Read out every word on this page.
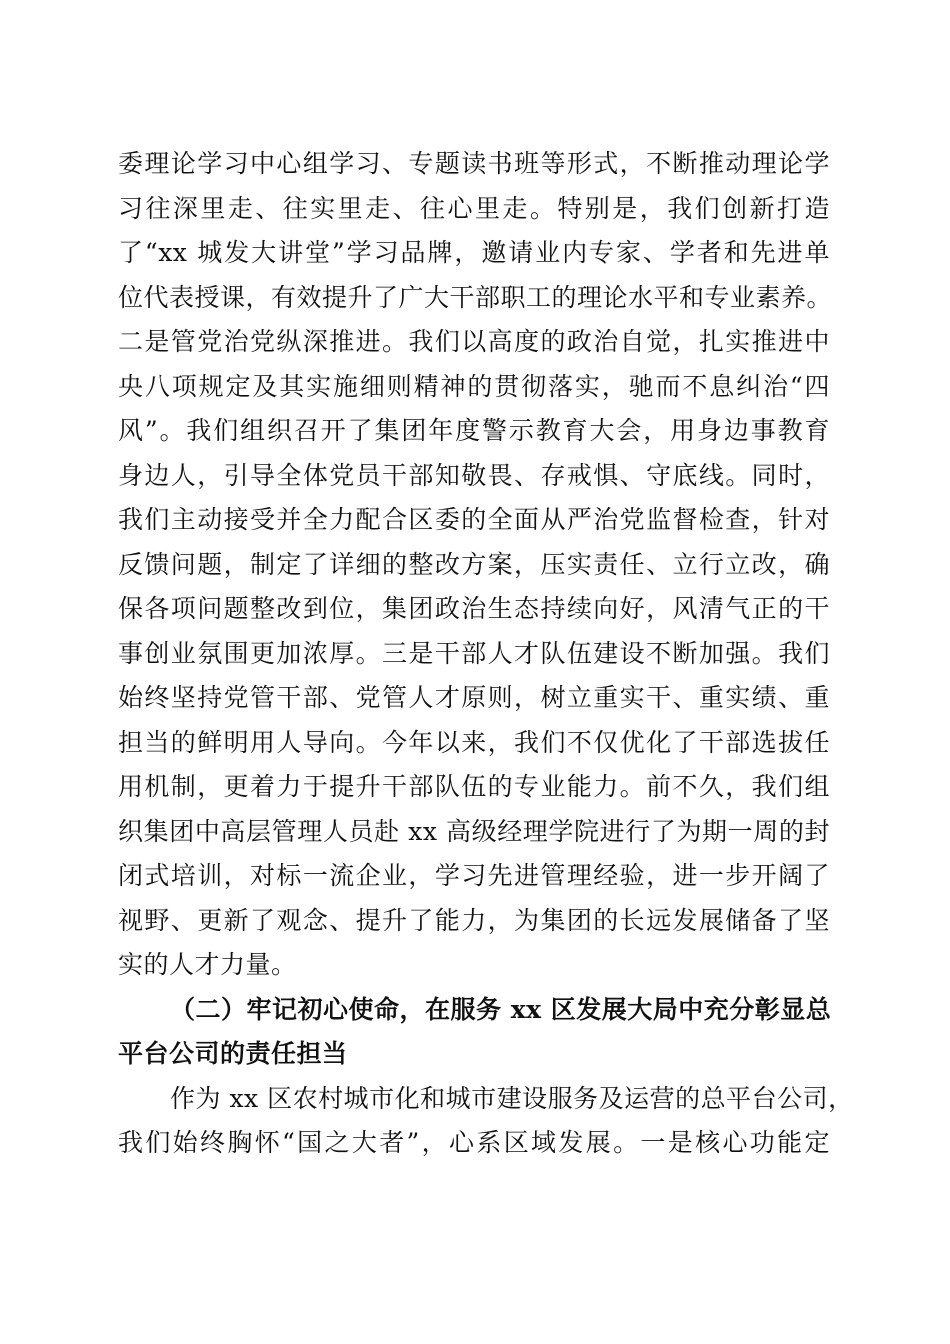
委理论学习中心组学习、专题读书班等形式，不断推动理论学
习往深里走、往实里走、往心里走。特别是，我们创新打造
了“xx 城发大讲堂”学习品牌，邀请业内专家、学者和先进单
位代表授课，有效提升了广大干部职工的理论水平和专业素养。
二是管党治党纵深推进。我们以高度的政治自觉，扎实推进中
央八项规定及其实施细则精神的贯彻落实，驰而不息纠治“四
风”。我们组织召开了集团年度警示教育大会，用身边事教育
身边人，引导全体党员干部知敬畏、存戒惧、守底线。同时，
我们主动接受并全力配合区委的全面从严治党监督检查，针对
反馈问题，制定了详细的整改方案，压实责任、立行立改，确
保各项问题整改到位，集团政治生态持续向好，风清气正的干
事创业氛围更加浓厚。三是干部人才队伍建设不断加强。我们
始终坚持党管干部、党管人才原则，树立重实干、重实绩、重
担当的鲜明用人导向。今年以来，我们不仅优化了干部选拔任
用机制，更着力于提升干部队伍的专业能力。前不久，我们组
织集团中高层管理人员赴 xx 高级经理学院进行了为期一周的封
闭式培训，对标一流企业，学习先进管理经验，进一步开阔了
视野、更新了观念、提升了能力，为集团的长远发展储备了坚
实的人才力量。
（二）牢记初心使命，在服务 xx 区发展大局中充分彰显总
平台公司的责任担当
作为 xx 区农村城市化和城市建设服务及运营的总平台公司，
我们始终胸怀“国之大者”，心系区域发展。一是核心功能定
